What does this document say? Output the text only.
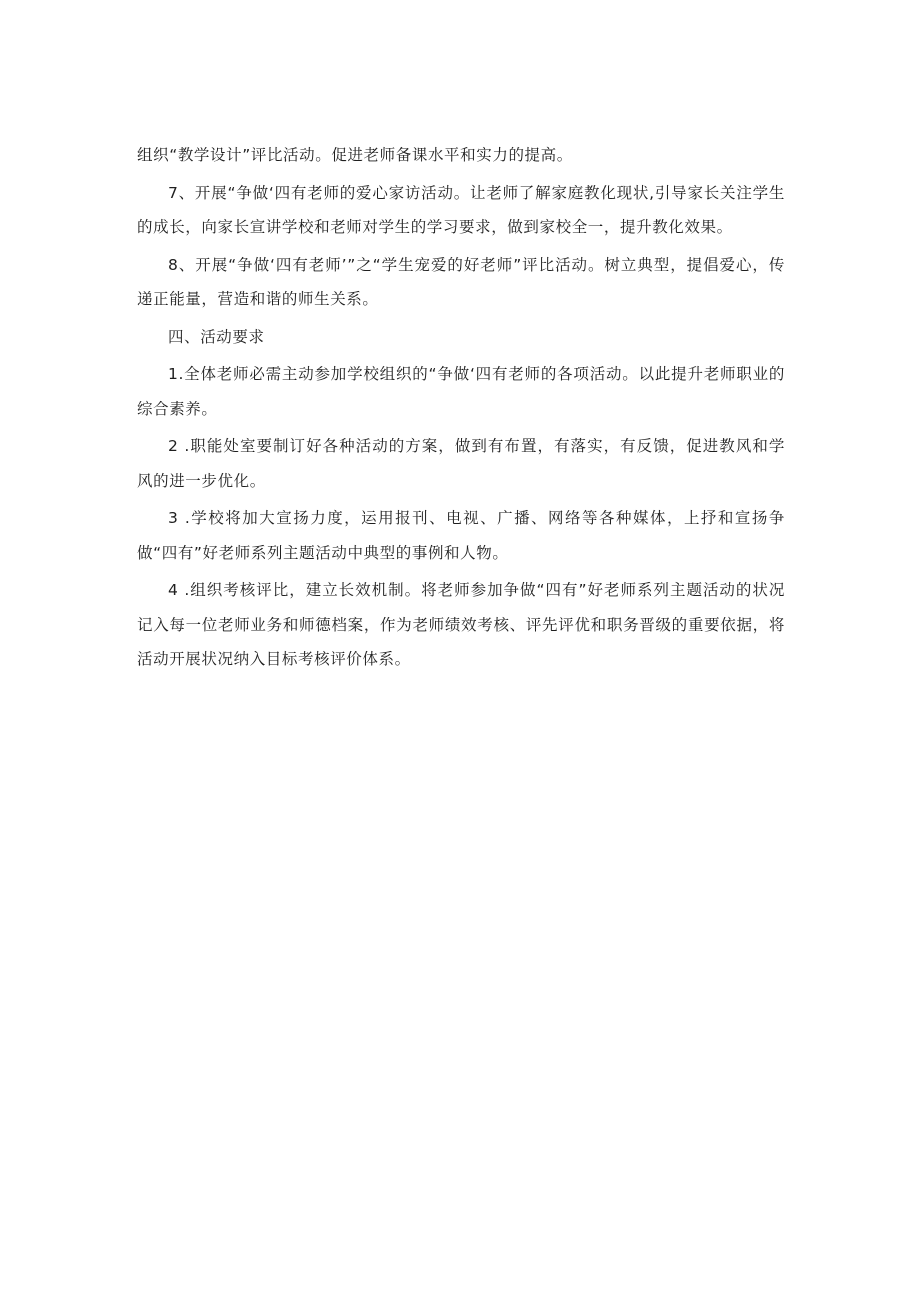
组织“教学设计”评比活动。促进老师备课水平和实力的提高。

7、开展“争做‘四有老师的爱心家访活动。让老师了解家庭教化现状,引导家长关注学生的成长，向家长宣讲学校和老师对学生的学习要求，做到家校全一，提升教化效果。

8、开展“争做‘四有老师’”之“学生宠爱的好老师”评比活动。树立典型，提倡爱心，传递正能量，营造和谐的师生关系。

四、活动要求

1.全体老师必需主动参加学校组织的“争做‘四有老师的各项活动。以此提升老师职业的综合素养。

2 .职能处室要制订好各种活动的方案，做到有布置，有落实，有反馈，促进教风和学风的进一步优化。

3 .学校将加大宣扬力度，运用报刊、电视、广播、网络等各种媒体，上抒和宣扬争做“四有”好老师系列主题活动中典型的事例和人物。

4 .组织考核评比，建立长效机制。将老师参加争做“四有”好老师系列主题活动的状况记入每一位老师业务和师德档案，作为老师绩效考核、评先评优和职务晋级的重要依据，将活动开展状况纳入目标考核评价体系。
